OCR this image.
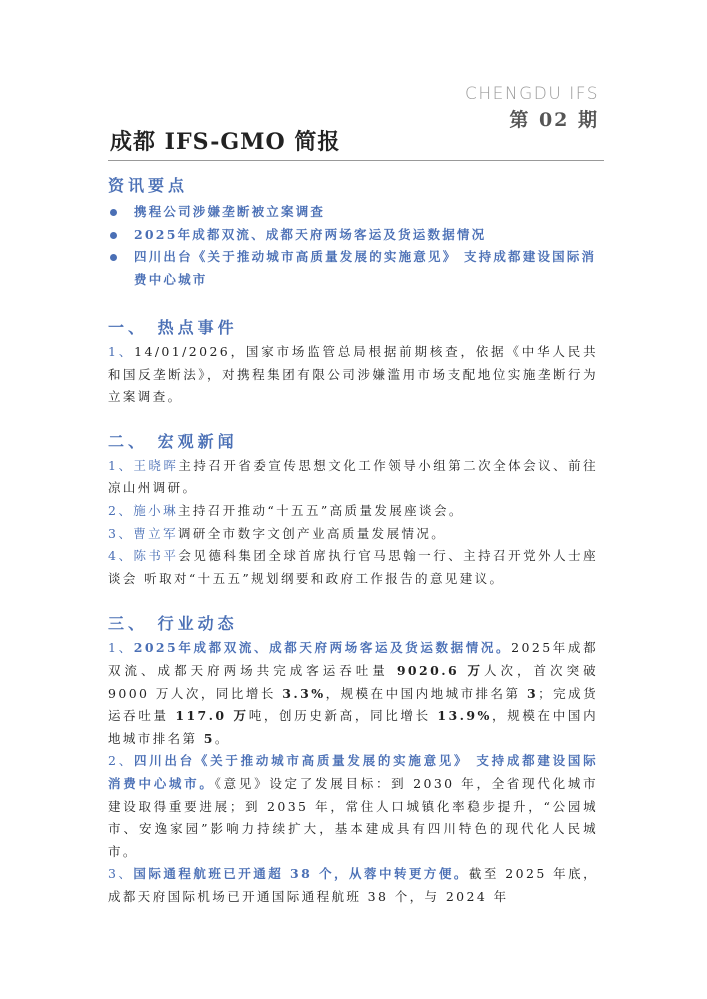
CHENGDU IFS
第 02 期
成都 IFS-GMO 简报
资讯要点
携程公司涉嫌垄断被立案调查
2025年成都双流、成都天府两场客运及货运数据情况
四川出台《关于推动城市高质量发展的实施意见》 支持成都建设国际消费中心城市
一、 热点事件

1、14/01/2026，国家市场监管总局根据前期核查，依据《中华人民共和国反垄断法》，对携程集团有限公司涉嫌滥用市场支配地位实施垄断行为立案调查。

二、 宏观新闻

1、王晓晖主持召开省委宣传思想文化工作领导小组第二次全体会议、前往凉山州调研。

2、施小琳主持召开推动“十五五”高质量发展座谈会。

3、曹立军调研全市数字文创产业高质量发展情况。

4、陈书平会见德科集团全球首席执行官马思翰一行、主持召开党外人士座谈会 听取对“十五五”规划纲要和政府工作报告的意见建议。

三、 行业动态

1、2025年成都双流、成都天府两场客运及货运数据情况。2025年成都双流、成都天府两场共完成客运吞吐量 9020.6 万人次，首次突破 9000 万人次，同比增长 3.3%，规模在中国内地城市排名第 3；完成货运吞吐量 117.0 万吨，创历史新高，同比增长 13.9%，规模在中国内地城市排名第 5。

2、四川出台《关于推动城市高质量发展的实施意见》 支持成都建设国际消费中心城市。《意见》设定了发展目标：到 2030 年，全省现代化城市建设取得重要进展；到 2035 年，常住人口城镇化率稳步提升，“公园城市、安逸家园”影响力持续扩大，基本建成具有四川特色的现代化人民城市。

3、国际通程航班已开通超 38 个，从蓉中转更方便。截至 2025 年底，成都天府国际机场已开通国际通程航班 38 个，与 2024 年
